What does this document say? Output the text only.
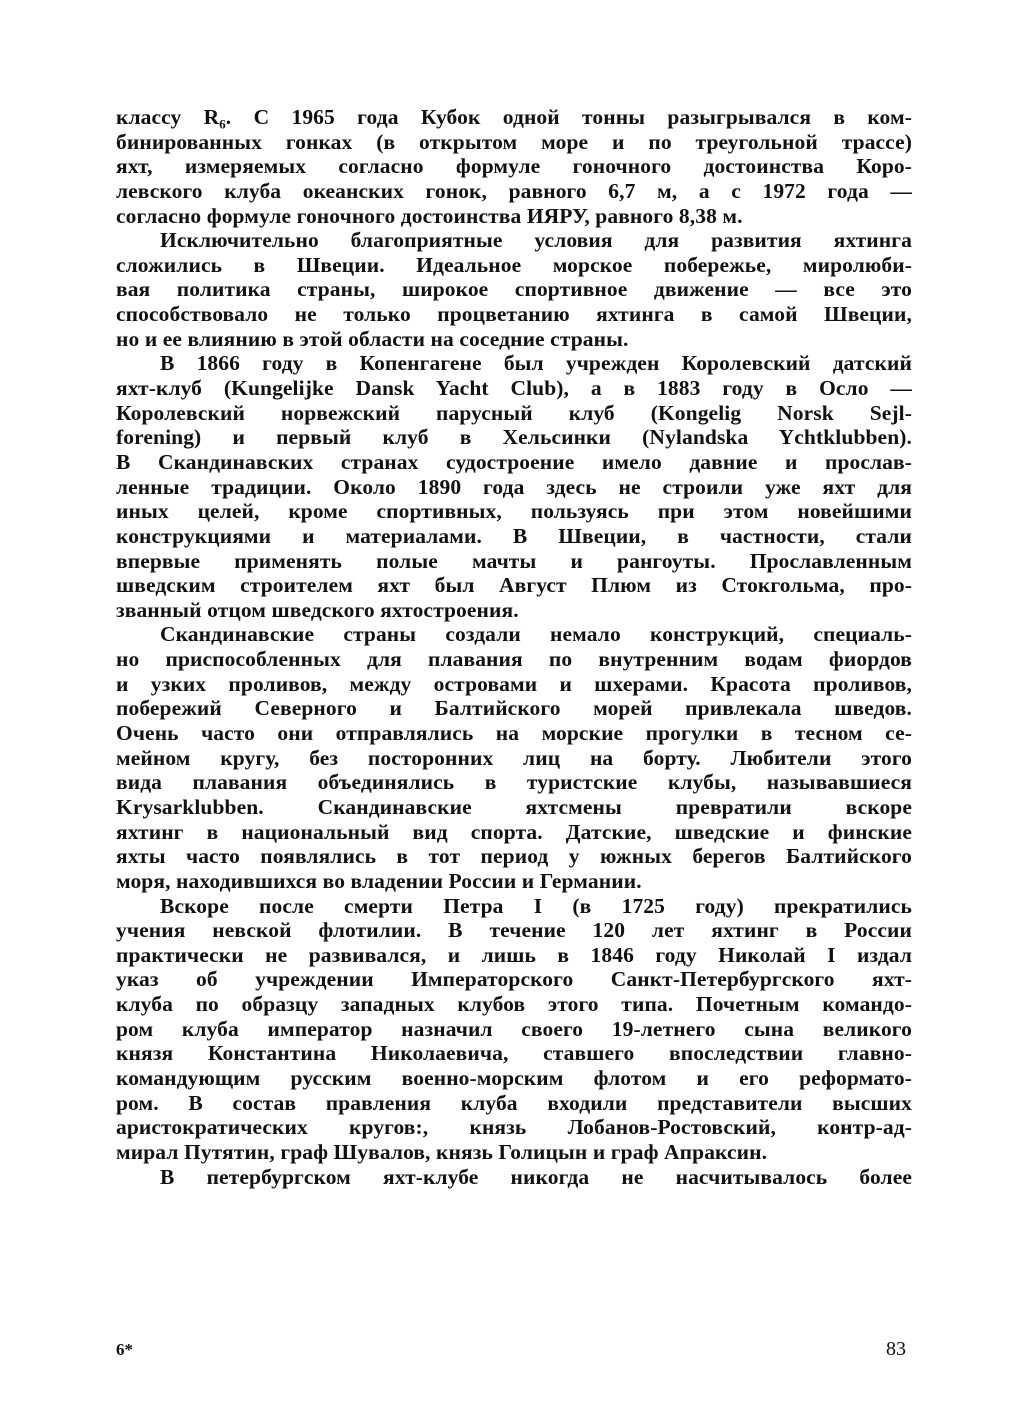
классу R₆. С 1965 года Кубок одной тонны разыгрывался в ком-
бинированных гонках (в открытом море и по треугольной трассе)
яхт, измеряемых согласно формуле гоночного достоинства Коро-
левского клуба океанских гонок, равного 6,7 м, а с 1972 года —
согласно формуле гоночного достоинства ИЯРУ, равного 8,38 м.
Исключительно благоприятные условия для развития яхтинга
сложились в Швеции. Идеальное морское побережье, миролюби-
вая политика страны, широкое спортивное движение — все это
способствовало не только процветанию яхтинга в самой Швеции,
но и ее влиянию в этой области на соседние страны.
В 1866 году в Копенгагене был учрежден Королевский датский
яхт-клуб (Kungelijke Dansk Yacht Club), а в 1883 году в Осло —
Королевский норвежский парусный клуб (Kongelig Norsk Sejl-
forening) и первый клуб в Хельсинки (Nylandska Ychtklubben).
В Скандинавских странах судостроение имело давние и прослав-
ленные традиции. Около 1890 года здесь не строили уже яхт для
иных целей, кроме спортивных, пользуясь при этом новейшими
конструкциями и материалами. В Швеции, в частности, стали
впервые применять полые мачты и рангоуты. Прославленным
шведским строителем яхт был Август Плюм из Стокгольма, про-
званный отцом шведского яхтостроения.
Скандинавские страны создали немало конструкций, специаль-
но приспособленных для плавания по внутренним водам фиордов
и узких проливов, между островами и шхерами. Красота проливов,
побережий Северного и Балтийского морей привлекала шведов.
Очень часто они отправлялись на морские прогулки в тесном се-
мейном кругу, без посторонних лиц на борту. Любители этого
вида плавания объединялись в туристские клубы, называвшиеся
Krysarklubben. Скандинавские яхтсмены превратили вскоре
яхтинг в национальный вид спорта. Датские, шведские и финские
яхты часто появлялись в тот период у южных берегов Балтийского
моря, находившихся во владении России и Германии.
Вскоре после смерти Петра I (в 1725 году) прекратились
учения невской флотилии. В течение 120 лет яхтинг в России
практически не развивался, и лишь в 1846 году Николай I издал
указ об учреждении Императорского Санкт-Петербургского яхт-
клуба по образцу западных клубов этого типа. Почетным командо-
ром клуба император назначил своего 19-летнего сына великого
князя Константина Николаевича, ставшего впоследствии главно-
командующим русским военно-морским флотом и его реформато-
ром. В состав правления клуба входили представители высших
аристократических кругов:, князь Лобанов-Ростовский, контр-ад-
мирал Путятин, граф Шувалов, князь Голицын и граф Апраксин.
В петербургском яхт-клубе никогда не насчитывалось более
6*	83
